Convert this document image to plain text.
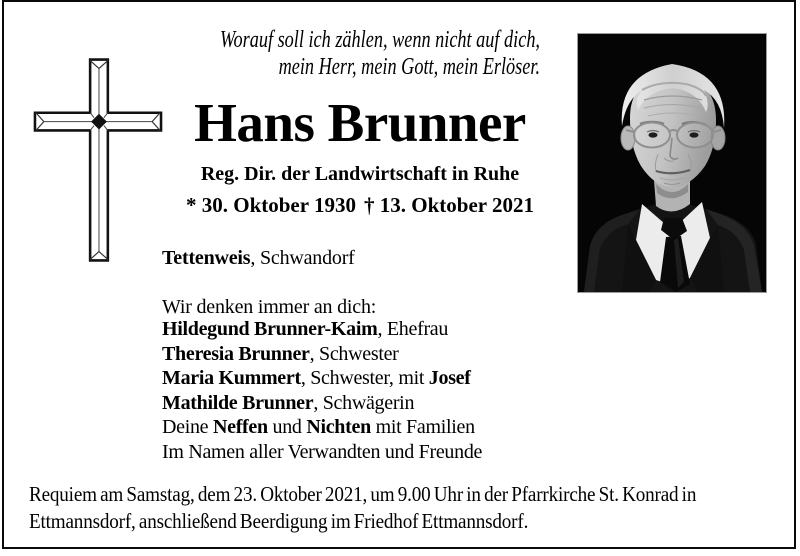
Worauf soll ich zählen, wenn nicht auf dich,
mein Herr, mein Gott, mein Erlöser.
Hans Brunner
Reg. Dir. der Landwirtschaft in Ruhe
* 30. Oktober 1930 † 13. Oktober 2021
Tettenweis, Schwandorf
Wir denken immer an dich:
Hildegund Brunner-Kaim, Ehefrau
Theresia Brunner, Schwester
Maria Kummert, Schwester, mit Josef
Mathilde Brunner, Schwägerin
Deine Neffen und Nichten mit Familien
Im Namen aller Verwandten und Freunde
Requiem am Samstag, dem 23. Oktober 2021, um 9.00 Uhr in der Pfarrkirche St. Konrad in
Ettmannsdorf, anschließend Beerdigung im Friedhof Ettmannsdorf.
